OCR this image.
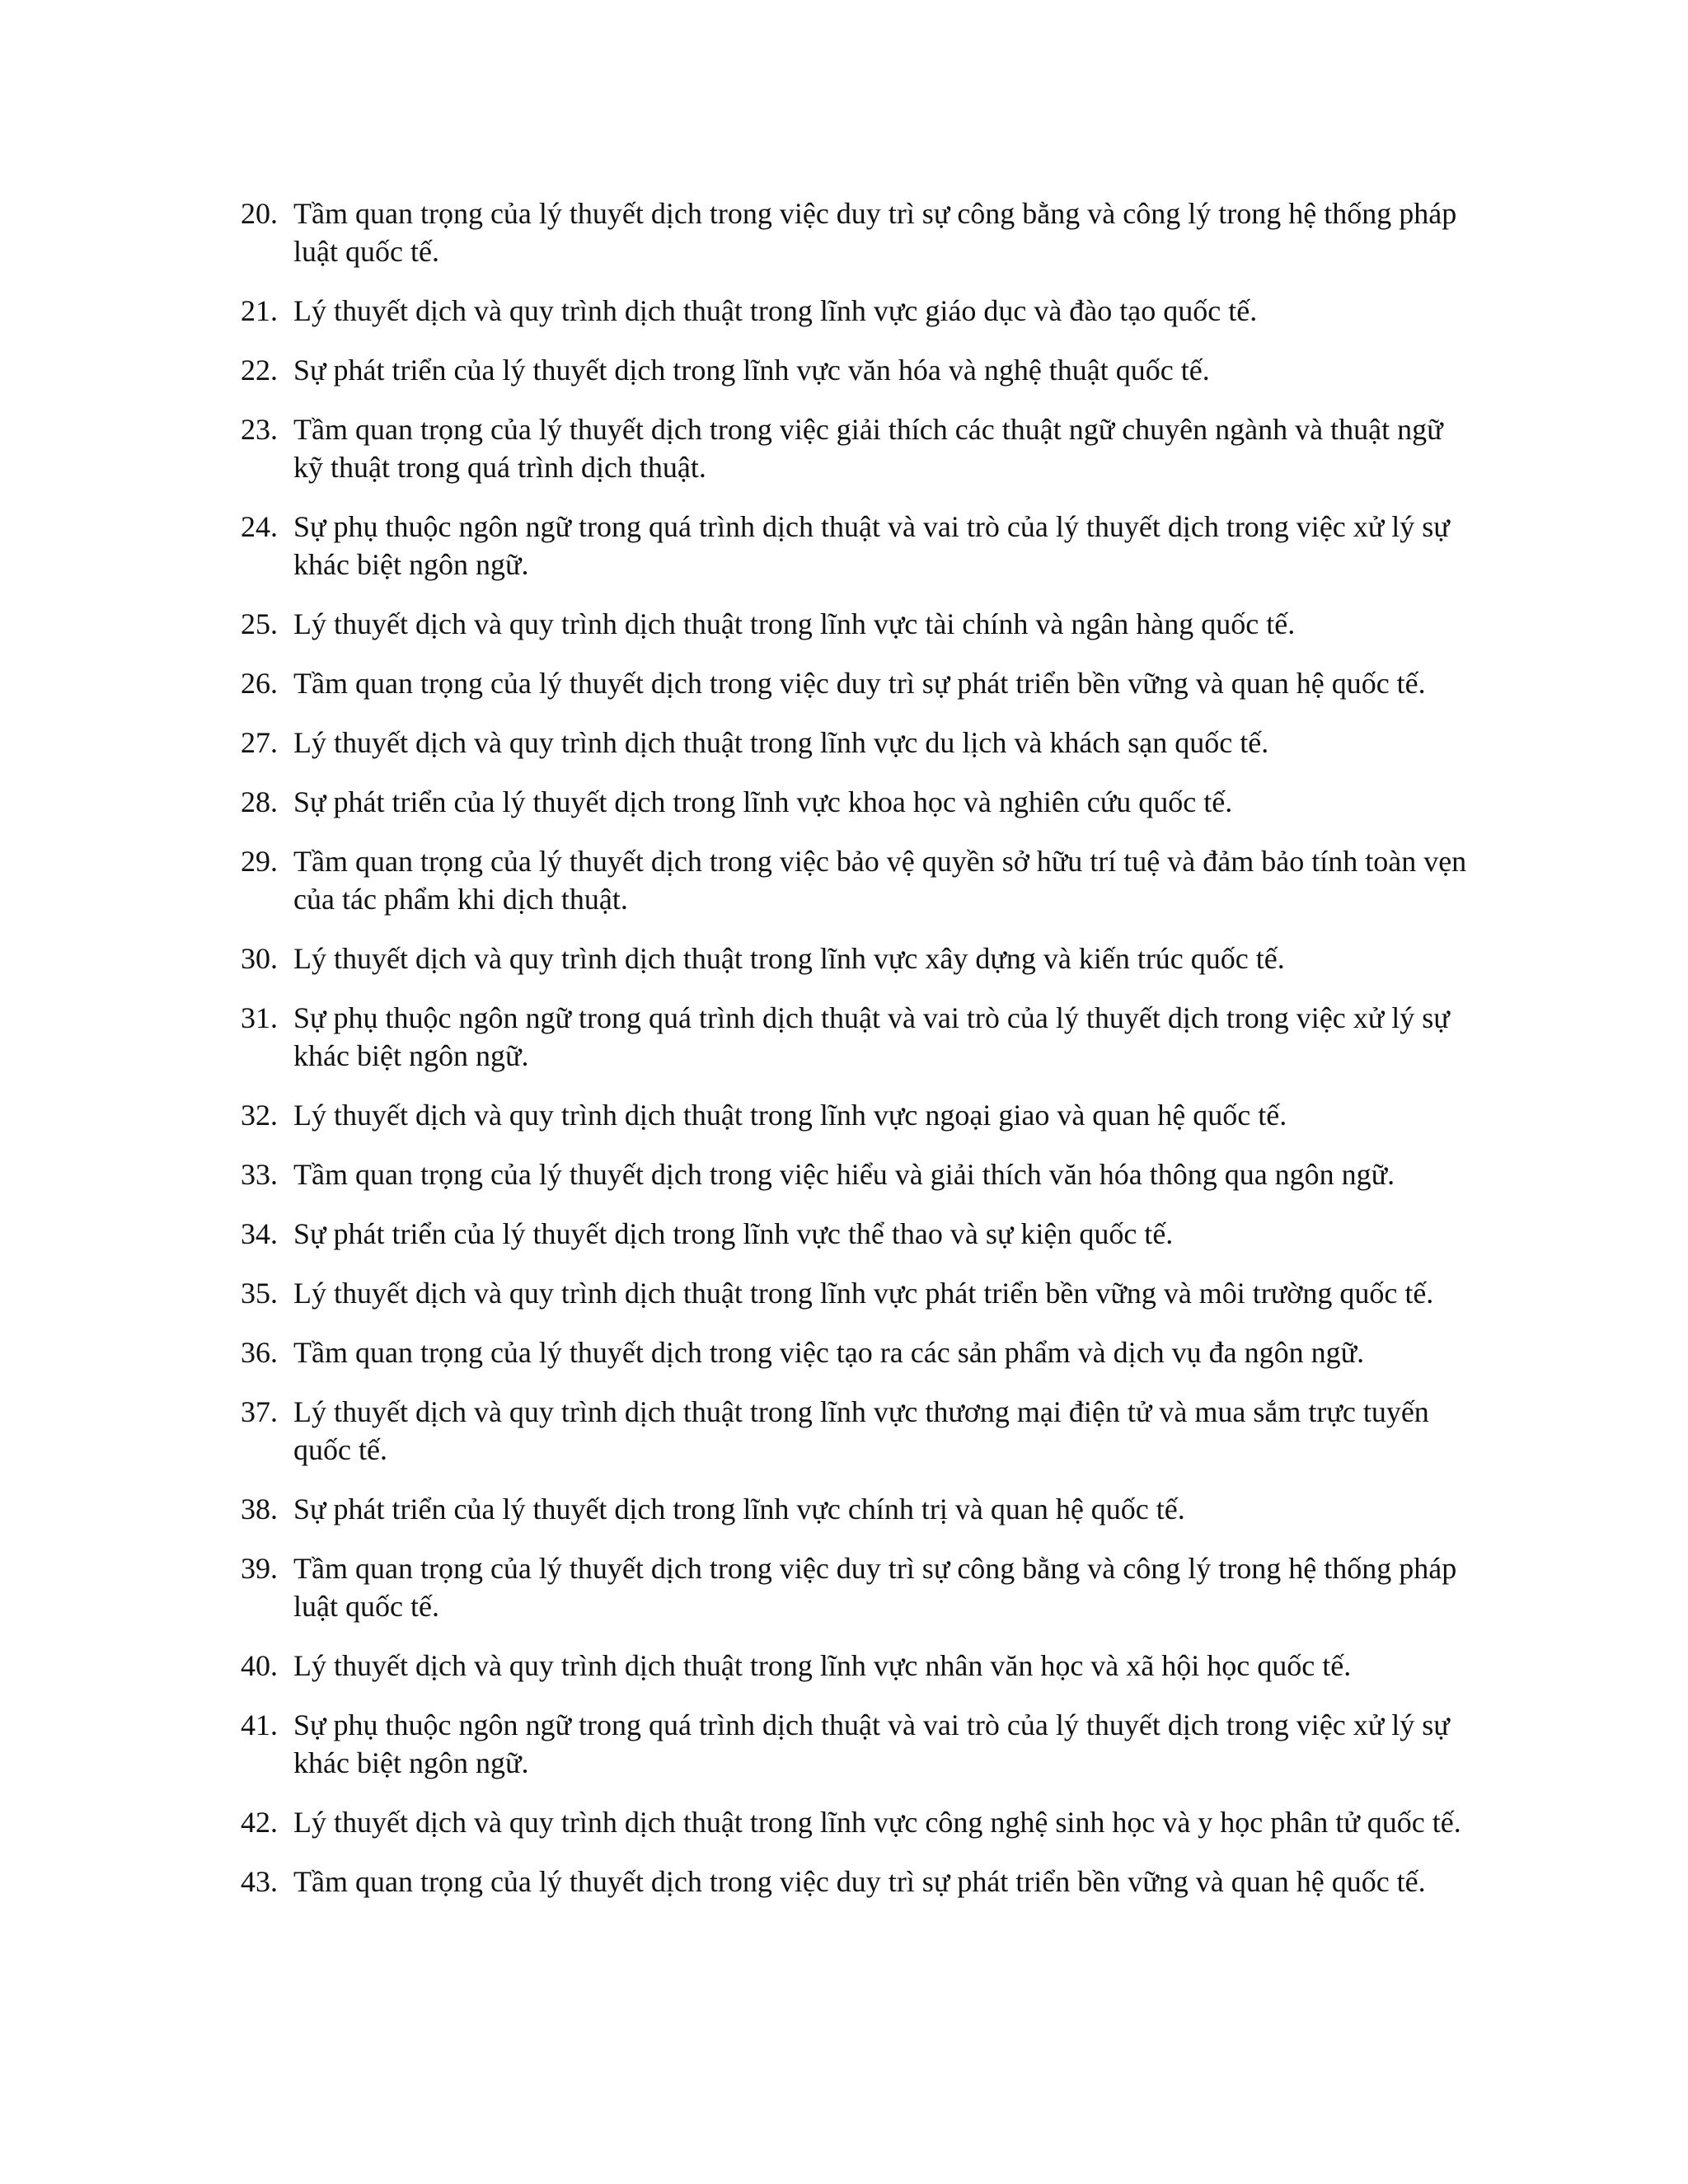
20. Tầm quan trọng của lý thuyết dịch trong việc duy trì sự công bằng và công lý trong hệ thống pháp luật quốc tế.
21. Lý thuyết dịch và quy trình dịch thuật trong lĩnh vực giáo dục và đào tạo quốc tế.
22. Sự phát triển của lý thuyết dịch trong lĩnh vực văn hóa và nghệ thuật quốc tế.
23. Tầm quan trọng của lý thuyết dịch trong việc giải thích các thuật ngữ chuyên ngành và thuật ngữ kỹ thuật trong quá trình dịch thuật.
24. Sự phụ thuộc ngôn ngữ trong quá trình dịch thuật và vai trò của lý thuyết dịch trong việc xử lý sự khác biệt ngôn ngữ.
25. Lý thuyết dịch và quy trình dịch thuật trong lĩnh vực tài chính và ngân hàng quốc tế.
26. Tầm quan trọng của lý thuyết dịch trong việc duy trì sự phát triển bền vững và quan hệ quốc tế.
27. Lý thuyết dịch và quy trình dịch thuật trong lĩnh vực du lịch và khách sạn quốc tế.
28. Sự phát triển của lý thuyết dịch trong lĩnh vực khoa học và nghiên cứu quốc tế.
29. Tầm quan trọng của lý thuyết dịch trong việc bảo vệ quyền sở hữu trí tuệ và đảm bảo tính toàn vẹn của tác phẩm khi dịch thuật.
30. Lý thuyết dịch và quy trình dịch thuật trong lĩnh vực xây dựng và kiến trúc quốc tế.
31. Sự phụ thuộc ngôn ngữ trong quá trình dịch thuật và vai trò của lý thuyết dịch trong việc xử lý sự khác biệt ngôn ngữ.
32. Lý thuyết dịch và quy trình dịch thuật trong lĩnh vực ngoại giao và quan hệ quốc tế.
33. Tầm quan trọng của lý thuyết dịch trong việc hiểu và giải thích văn hóa thông qua ngôn ngữ.
34. Sự phát triển của lý thuyết dịch trong lĩnh vực thể thao và sự kiện quốc tế.
35. Lý thuyết dịch và quy trình dịch thuật trong lĩnh vực phát triển bền vững và môi trường quốc tế.
36. Tầm quan trọng của lý thuyết dịch trong việc tạo ra các sản phẩm và dịch vụ đa ngôn ngữ.
37. Lý thuyết dịch và quy trình dịch thuật trong lĩnh vực thương mại điện tử và mua sắm trực tuyến quốc tế.
38. Sự phát triển của lý thuyết dịch trong lĩnh vực chính trị và quan hệ quốc tế.
39. Tầm quan trọng của lý thuyết dịch trong việc duy trì sự công bằng và công lý trong hệ thống pháp luật quốc tế.
40. Lý thuyết dịch và quy trình dịch thuật trong lĩnh vực nhân văn học và xã hội học quốc tế.
41. Sự phụ thuộc ngôn ngữ trong quá trình dịch thuật và vai trò của lý thuyết dịch trong việc xử lý sự khác biệt ngôn ngữ.
42. Lý thuyết dịch và quy trình dịch thuật trong lĩnh vực công nghệ sinh học và y học phân tử quốc tế.
43. Tầm quan trọng của lý thuyết dịch trong việc duy trì sự phát triển bền vững và quan hệ quốc tế.
